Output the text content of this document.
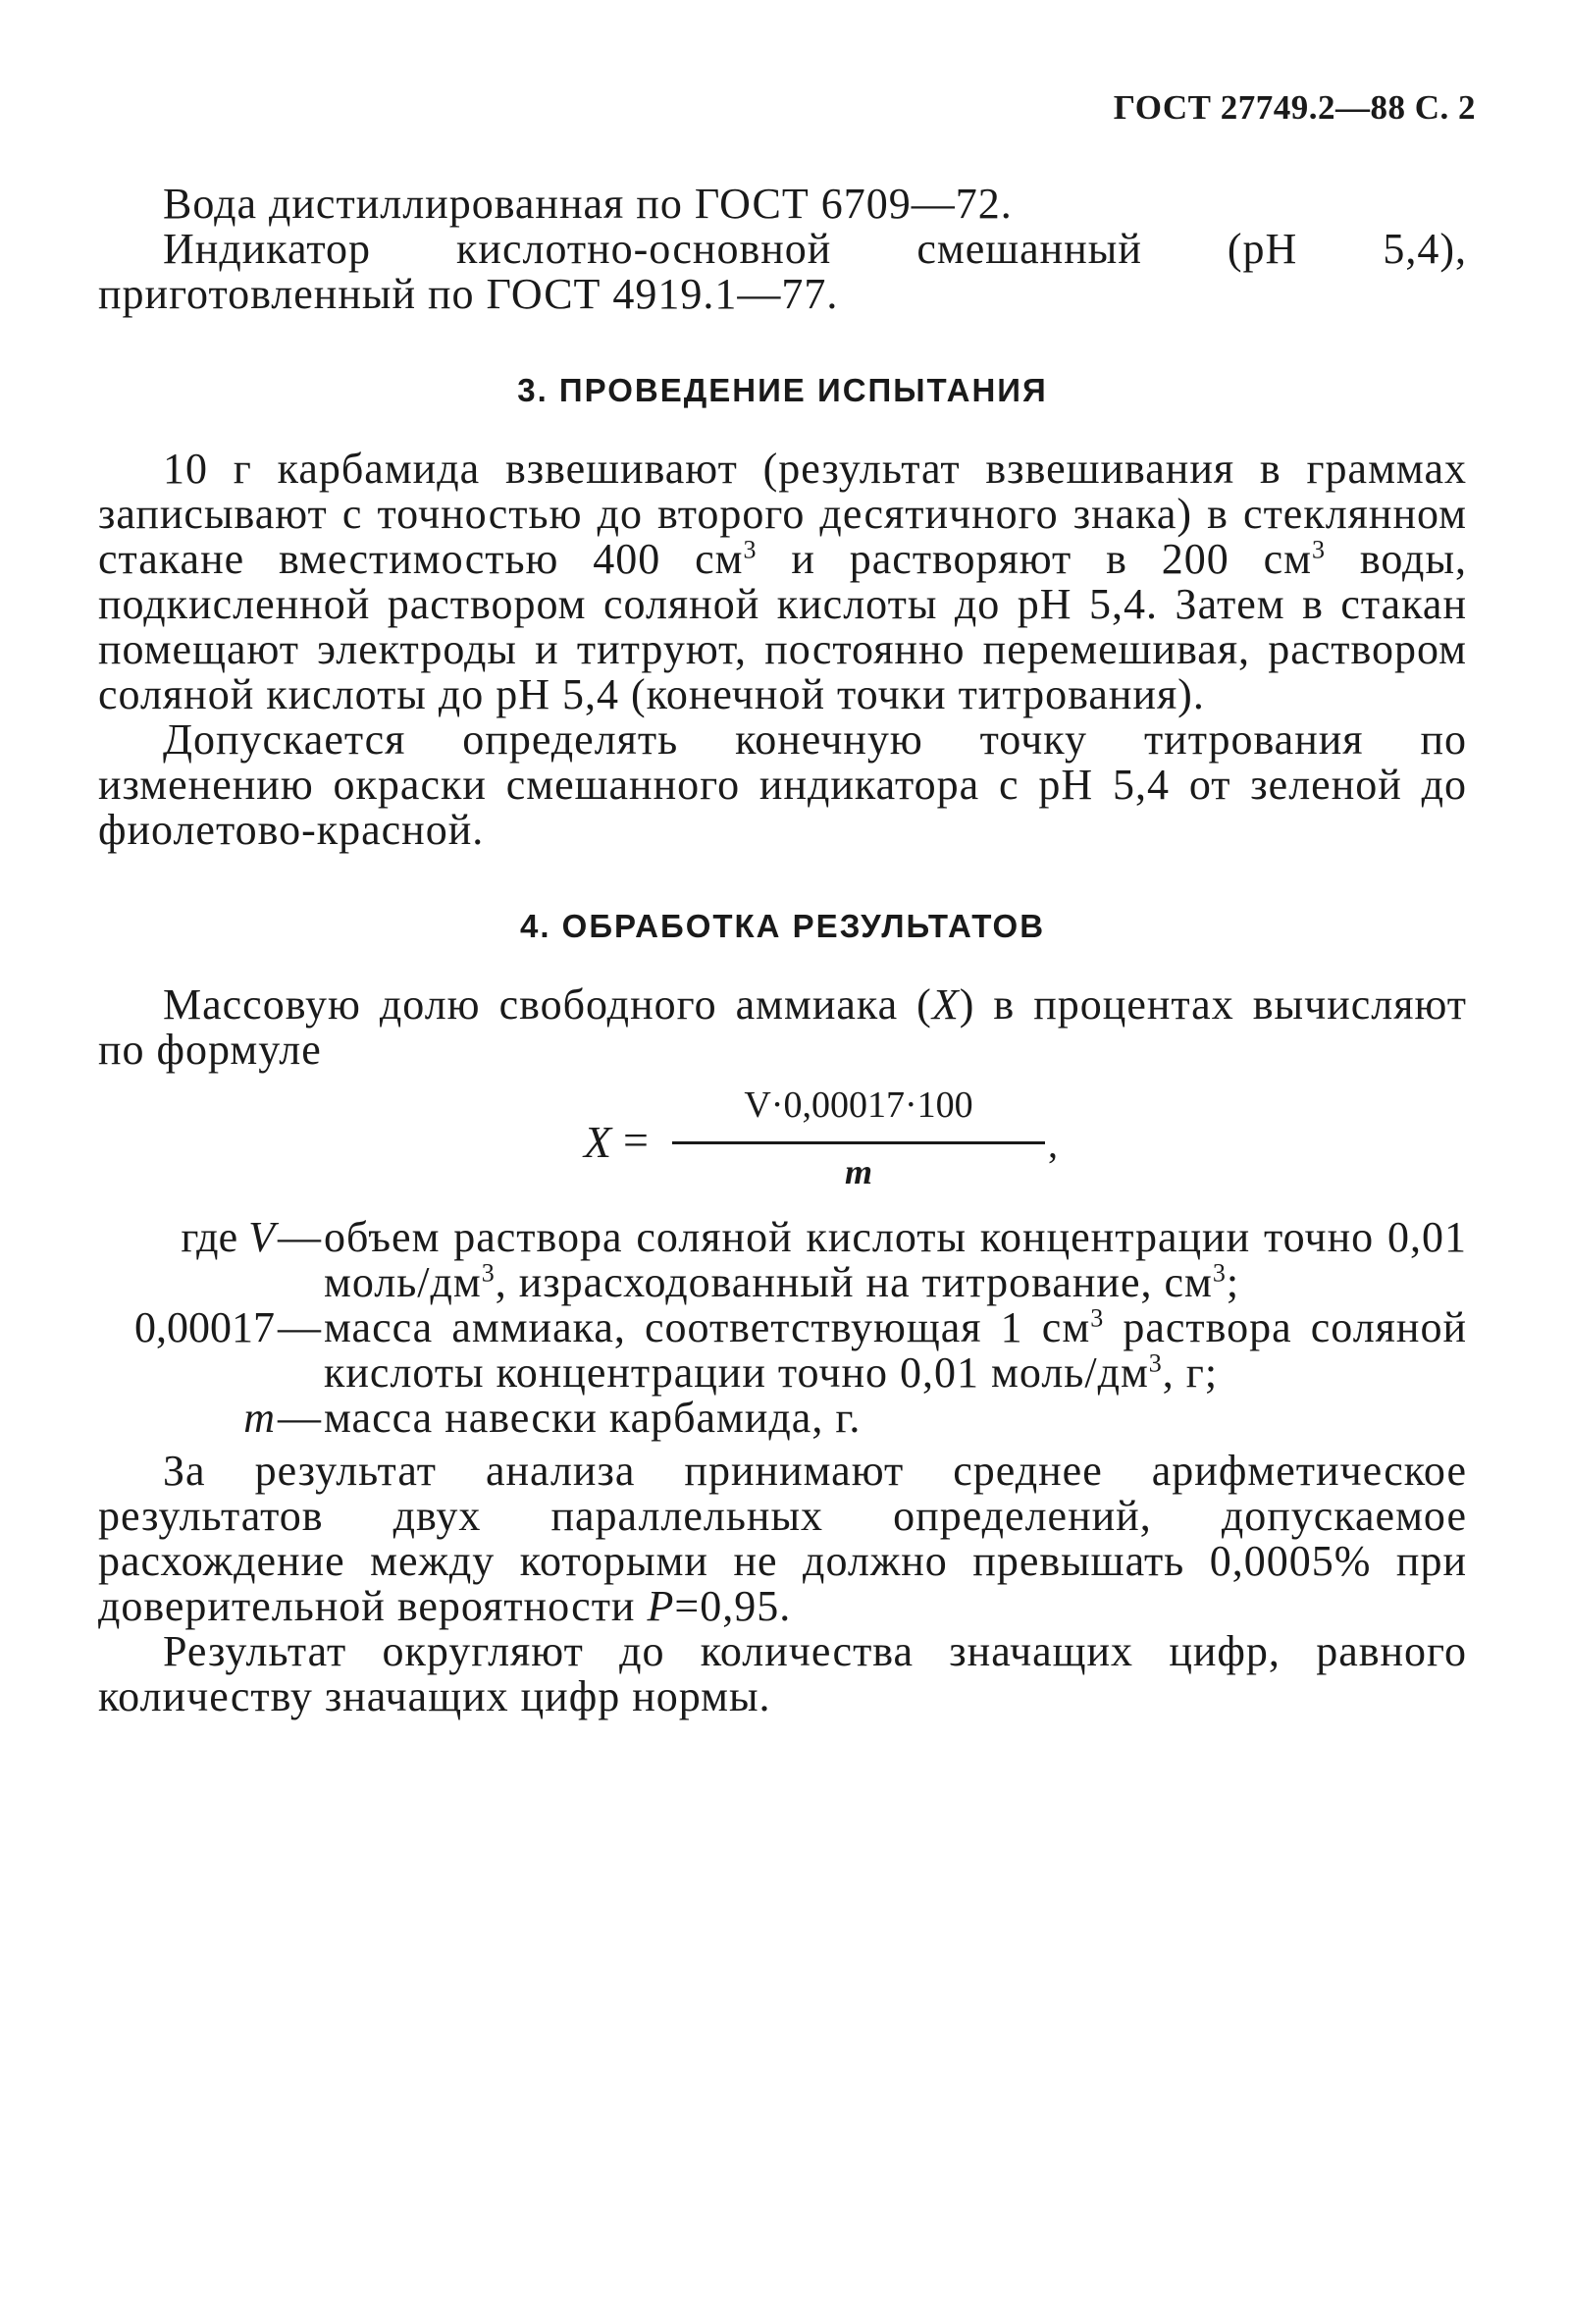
ГОСТ 27749.2—88 С. 2

Вода дистиллированная по ГОСТ 6709—72.

Индикатор кислотно-основной смешанный (pH 5,4), приготовленный по ГОСТ 4919.1—77.

3. ПРОВЕДЕНИЕ ИСПЫТАНИЯ

10 г карбамида взвешивают (результат взвешивания в граммах записывают с точностью до второго десятичного знака) в стеклянном стакане вместимостью 400 $см^3$ и растворяют в 200 $см^3$ воды, подкисленной раствором соляной кислоты до pH 5,4. Затем в стакан помещают электроды и титруют, постоянно перемешивая, раствором соляной кислоты до pH 5,4 (конечной точки титрования).

Допускается определять конечную точку титрования по изменению окраски смешанного индикатора с pH 5,4 от зеленой до фиолетово-красной.

4. ОБРАБОТКА РЕЗУЛЬТАТОВ

Массовую долю свободного аммиака (X) в процентах вычисляют по формуле

X =
V·0,00017·100
m
,
где V — объем раствора соляной кислоты концентрации точно 0,01 моль/$дм^3$, израсходованный на титрование, $см^3$;
0,00017 — масса аммиака, соответствующая 1 $см^3$ раствора соляной кислоты концентрации точно 0,01 моль/$дм^3$, г;
m — масса навески карбамида, г.

За результат анализа принимают среднее арифметическое результатов двух параллельных определений, допускаемое расхождение между которыми не должно превышать 0,0005% при доверительной вероятности P=0,95.

Результат округляют до количества значащих цифр, равного количеству значащих цифр нормы.
